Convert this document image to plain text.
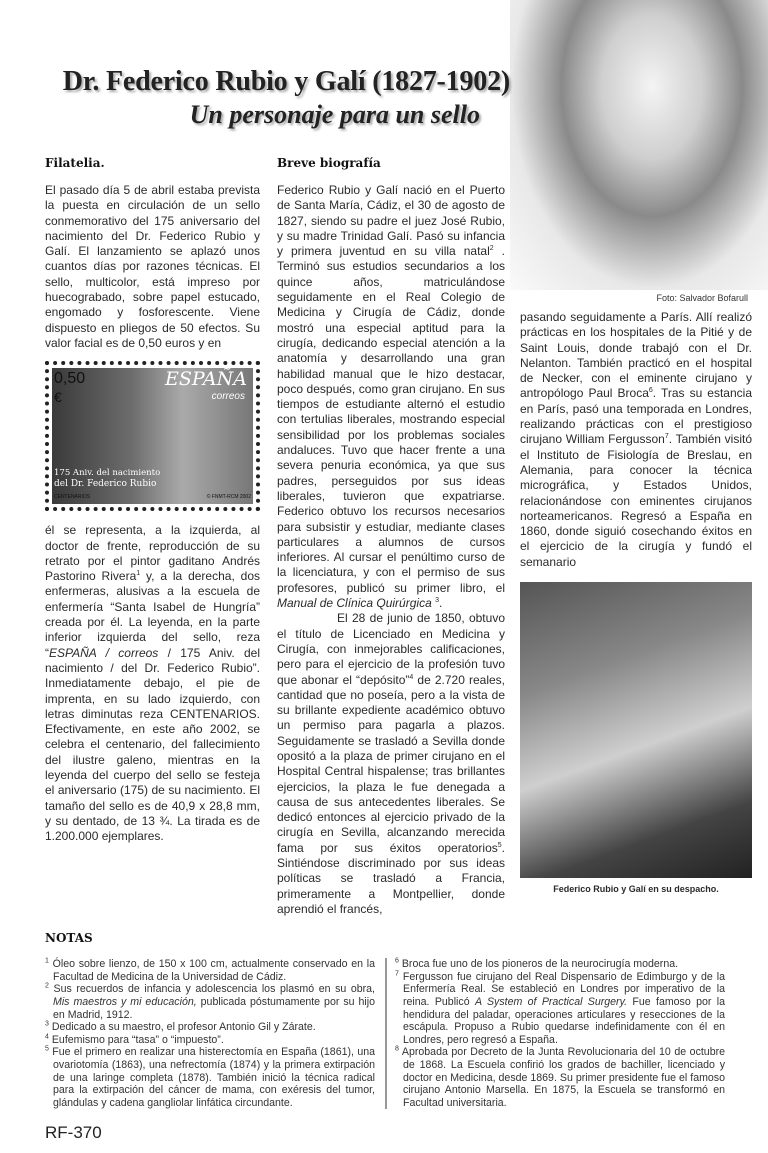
Dr. Federico Rubio y Galí (1827-1902)
Un personaje para un sello
Filatelia.

El pasado día 5 de abril estaba prevista la puesta en circulación de un sello conmemorativo del 175 aniversario del nacimiento del Dr. Federico Rubio y Galí. El lanzamiento se aplazó unos cuantos días por razones técnicas. El sello, multicolor, está impreso por huecograbado, sobre papel estucado, engomado y fosforescente. Viene dispuesto en pliegos de 50 efectos. Su valor facial es de 0,50 euros y en

0,50
€
ESPAÑA
correos
175 Aniv. del nacimiento
del Dr. Federico Rubio
CENTENARIOS	© FNMT-RCM 2002

él se representa, a la izquierda, al doctor de frente, reproducción de su retrato por el pintor gaditano Andrés Pastorino Rivera$^1$ y, a la derecha, dos enfermeras, alusivas a la escuela de enfermería “Santa Isabel de Hungría” creada por él. La leyenda, en la parte inferior izquierda del sello, reza “ESPAÑA / correos / 175 Aniv. del nacimiento / del Dr. Federico Rubio”. Inmediatamente debajo, el pie de imprenta, en su lado izquierdo, con letras diminutas reza CENTENARIOS. Efectivamente, en este año 2002, se celebra el centenario, del fallecimiento del ilustre galeno, mientras en la leyenda del cuerpo del sello se festeja el aniversario (175) de su nacimiento. El tamaño del sello es de 40,9 x 28,8 mm, y su dentado, de 13 ¾. La tirada es de 1.200.000 ejemplares.

Breve biografía

Federico Rubio y Galí nació en el Puerto de Santa María, Cádiz, el 30 de agosto de 1827, siendo su padre el juez José Rubio, y su madre Trinidad Galí. Pasó su infancia y primera juventud en su villa natal$^2$ . Terminó sus estudios secundarios a los quince años, matriculándose seguidamente en el Real Colegio de Medicina y Cirugía de Cádiz, donde mostró una especial aptitud para la cirugía, dedicando especial atención a la anatomía y desarrollando una gran habilidad manual que le hizo destacar, poco después, como gran cirujano. En sus tiempos de estudiante alternó el estudio con tertulias liberales, mostrando especial sensibilidad por los problemas sociales andaluces. Tuvo que hacer frente a una severa penuria económica, ya que sus padres, perseguidos por sus ideas liberales, tuvieron que expatriarse. Federico obtuvo los recursos necesarios para subsistir y estudiar, mediante clases particulares a alumnos de cursos inferiores. Al cursar el penúltimo curso de la licenciatura, y con el permiso de sus profesores, publicó su primer libro, el Manual de Clínica Quirúrgica $^3$.

El 28 de junio de 1850, obtuvo el título de Licenciado en Medicina y Cirugía, con inmejorables calificaciones, pero para el ejercicio de la profesión tuvo que abonar el “depósito”$^4$ de 2.720 reales, cantidad que no poseía, pero a la vista de su brillante expediente académico obtuvo un permiso para pagarla a plazos. Seguidamente se trasladó a Sevilla donde opositó a la plaza de primer cirujano en el Hospital Central hispalense; tras brillantes ejercicios, la plaza le fue denegada a causa de sus antecedentes liberales. Se dedicó entonces al ejercicio privado de la cirugía en Sevilla, alcanzando merecida fama por sus éxitos operatorios$^5$. Sintiéndose discriminado por sus ideas políticas se trasladó a Francia, primeramente a Montpellier, donde aprendió el francés,

Foto: Salvador Bofarull

pasando seguidamente a París. Allí realizó prácticas en los hospitales de la Pitié y de Saint Louis, donde trabajó con el Dr. Nelanton. También practicó en el hospital de Necker, con el eminente cirujano y antropólogo Paul Broca$^6$. Tras su estancia en París, pasó una temporada en Londres, realizando prácticas con el prestigioso cirujano William Fergusson$^7$. También visitó el Instituto de Fisiología de Breslau, en Alemania, para conocer la técnica micrográfica, y Estados Unidos, relacionándose con eminentes cirujanos norteamericanos. Regresó a España en 1860, donde siguió cosechando éxitos en el ejercicio de la cirugía y fundó el semanario

Federico Rubio y Galí en su despacho.
NOTAS
$^1$ Óleo sobre lienzo, de 150 x 100 cm, actualmente conservado en la Facultad de Medicina de la Universidad de Cádiz.
$^2$ Sus recuerdos de infancia y adolescencia los plasmó en su obra, Mis maestros y mi educación, publicada póstumamente por su hijo en Madrid, 1912.
$^3$ Dedicado a su maestro, el profesor Antonio Gil y Zárate.
$^4$ Eufemismo para “tasa” o “impuesto”.
$^5$ Fue el primero en realizar una histerectomía en España (1861), una ovariotomía (1863), una nefrectomía (1874) y la primera extirpación de una laringe completa (1878). También inició la técnica radical para la extirpación del cáncer de mama, con exéresis del tumor, glándulas y cadena gangliolar linfática circundante.
$^6$ Broca fue uno de los pioneros de la neurocirugía moderna.
$^7$ Fergusson fue cirujano del Real Dispensario de Edimburgo y de la Enfermería Real. Se estableció en Londres por imperativo de la reina. Publicó A System of Practical Surgery. Fue famoso por la hendidura del paladar, operaciones articulares y resecciones de la escápula. Propuso a Rubio quedarse indefinidamente con él en Londres, pero regresó a España.
$^8$ Aprobada por Decreto de la Junta Revolucionaria del 10 de octubre de 1868. La Escuela confirió los grados de bachiller, licenciado y doctor en Medicina, desde 1869. Su primer presidente fue el famoso cirujano Antonio Marsella. En 1875, la Escuela se transformó en Facultad universitaria.
RF-370
